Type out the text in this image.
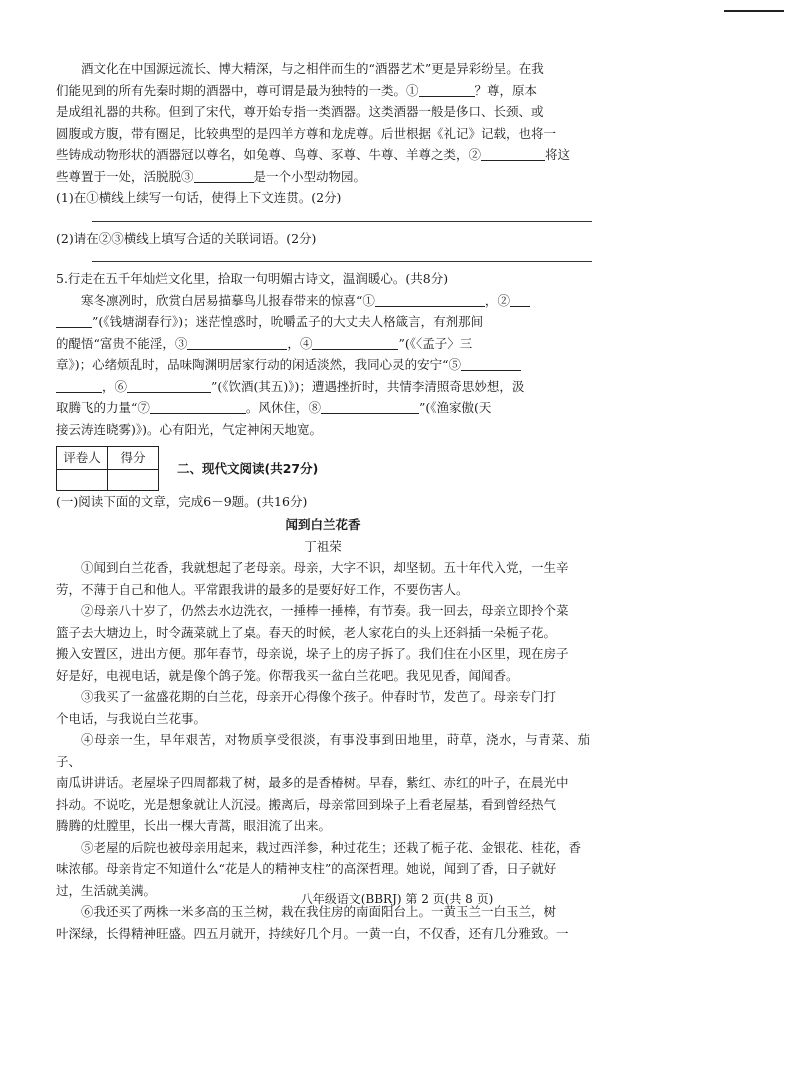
酒文化在中国源远流长、博大精深，与之相伴而生的“酒器艺术”更是异彩纷呈。在我

们能见到的所有先秦时期的酒器中，尊可谓是最为独特的一类。①	？尊，原本

是成组礼器的共称。但到了宋代，尊开始专指一类酒器。这类酒器一般是侈口、长颈、或

圆腹或方腹，带有圈足，比较典型的是四羊方尊和龙虎尊。后世根据《礼记》记载，也将一

些铸成动物形状的酒器冠以尊名，如兔尊、鸟尊、豕尊、牛尊、羊尊之类，②	将这

些尊置于一处，活脱脱③	是一个小型动物园。

(1)在①横线上续写一句话，使得上下文连贯。(2分)

(2)请在②③横线上填写合适的关联词语。(2分)

5.行走在五千年灿烂文化里，拾取一句明媚古诗文，温润暖心。(共8分)

寒冬凛冽时，欣赏白居易描摹鸟儿报春带来的惊喜“①	，②

”(《钱塘湖春行》)；迷茫惶惑时，吮嚼孟子的大丈夫人格箴言，有剂那间

的醍悟“富贵不能淫，③	，④	”(《〈孟子〉三

章》)；心绪烦乱时，品味陶渊明居家行动的闲适淡然，我同心灵的安宁“⑤

，⑥	”(《饮酒(其五)》)；遭遇挫折时，共情李清照奇思妙想，汲

取腾飞的力量“⑦	。风休住，⑧	”(《渔家傲(天

接云涛连晓雾)》)。心有阳光，气定神闲天地宽。

评卷人	得分

二、现代文阅读(共27分)

(一)阅读下面的文章，完成6－9题。(共16分)

闻到白兰花香

丁祖荣

①闻到白兰花香，我就想起了老母亲。母亲，大字不识，却坚韧。五十年代入党，一生辛

劳，不薄于自己和他人。平常跟我讲的最多的是要好好工作，不要伤害人。

②母亲八十岁了，仍然去水边洗衣，一捶棒一捶棒，有节奏。我一回去，母亲立即拎个菜

篮子去大塘边上，时令蔬菜就上了桌。春天的时候，老人家花白的头上还斜插一朵栀子花。

搬入安置区，进出方便。那年春节，母亲说，垛子上的房子拆了。我们住在小区里，现在房子

好是好，电视电话，就是像个鸽子笼。你帮我买一盆白兰花吧。我见见香，闻闻香。

③我买了一盆盛花期的白兰花，母亲开心得像个孩子。仲春时节，发芭了。母亲专门打

个电话，与我说白兰花事。

④母亲一生，早年艰苦，对物质享受很淡，有事没事到田地里，莳草，浇水，与青菜、茄子、

南瓜讲讲话。老屋垛子四周都栽了树，最多的是香椿树。早春，紫红、赤红的叶子，在晨光中

抖动。不说吃，光是想象就让人沉浸。搬离后，母亲常回到垛子上看老屋基，看到曾经热气

腾腾的灶膛里，长出一棵大青蒿，眼泪流了出来。

⑤老屋的后院也被母亲用起来，栽过西洋参，种过花生；还栽了栀子花、金银花、桂花，香

味浓郁。母亲肯定不知道什么“花是人的精神支柱”的高深哲理。她说，闻到了香，日子就好

过，生活就美满。

⑥我还买了两株一米多高的玉兰树，栽在我住房的南面阳台上。一黄玉兰一白玉兰，树

叶深绿，长得精神旺盛。四五月就开，持续好几个月。一黄一白，不仅香，还有几分雅致。一

八年级语文(BBRJ) 第 2 页(共 8 页)
